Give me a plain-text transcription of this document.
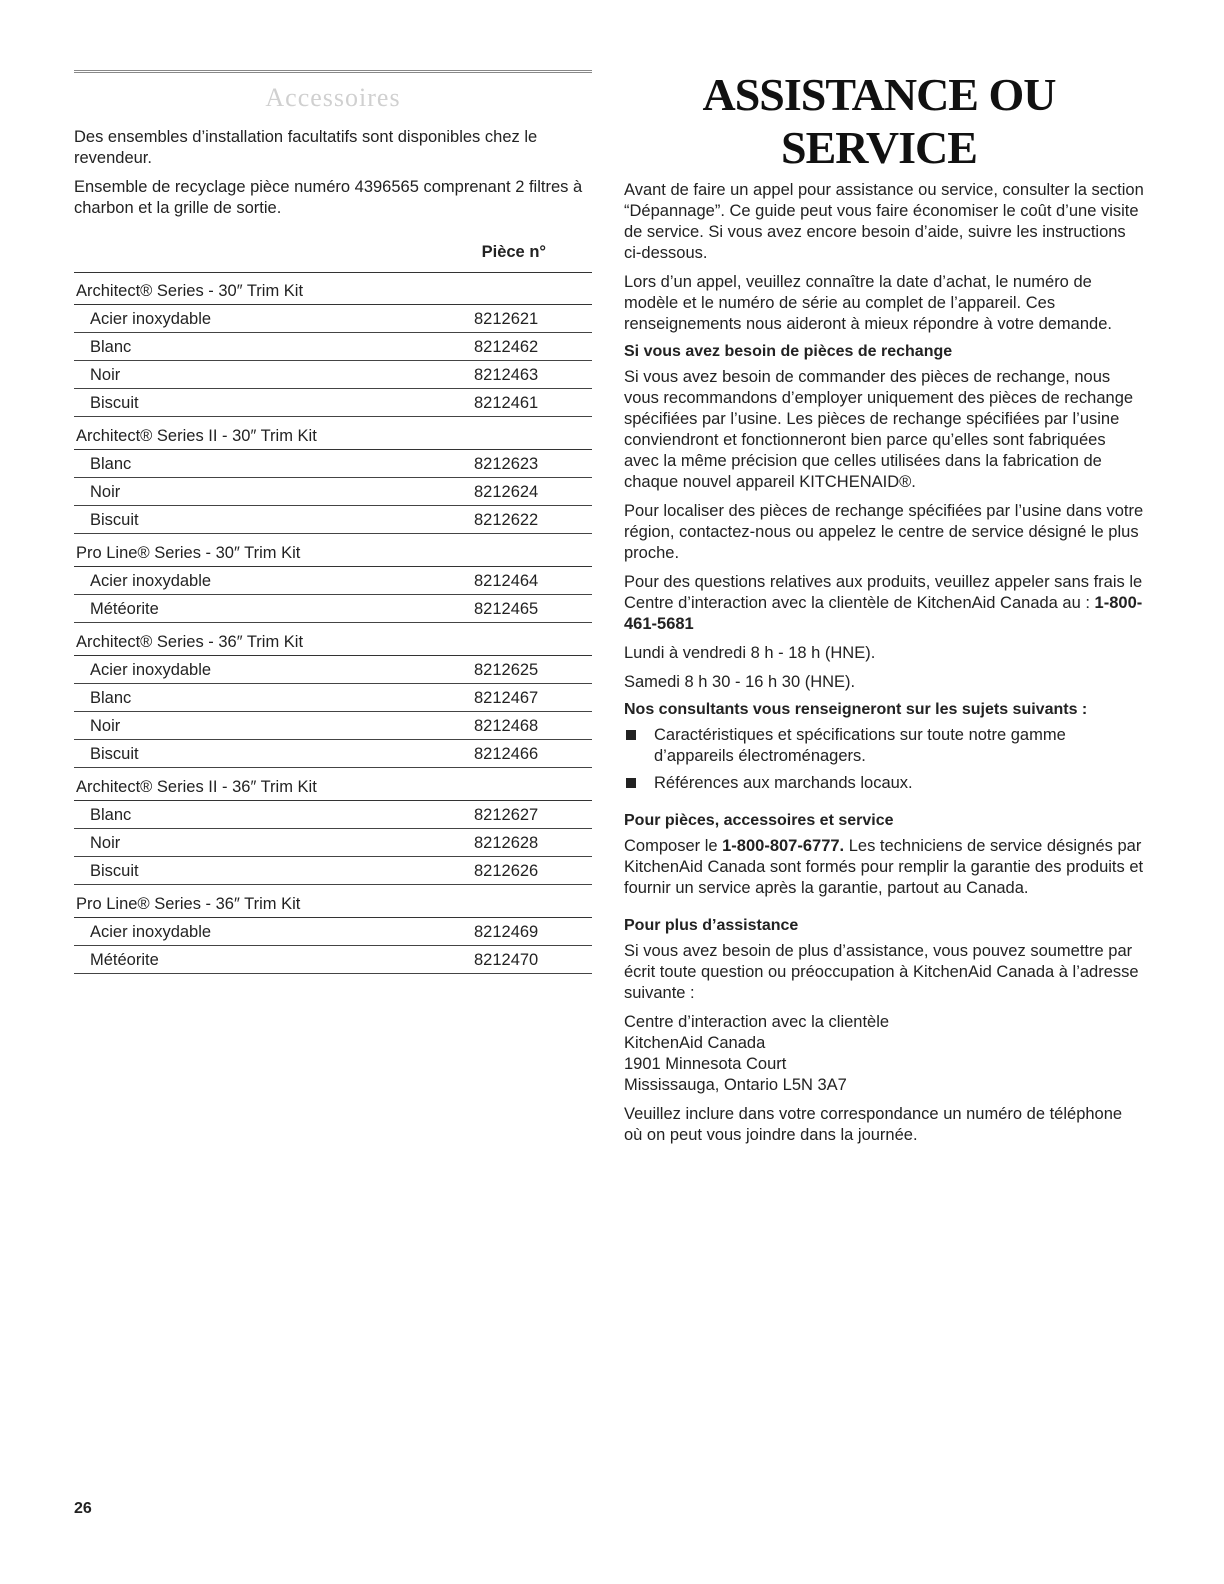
Accessoires

Des ensembles d’installation facultatifs sont disponibles chez le revendeur.

Ensemble de recyclage pièce numéro 4396565 comprenant 2 filtres à charbon et la grille de sortie.

Pièce n°
Architect® Series - 30″ Trim Kit
Acier inoxydable	8212621
Blanc	8212462
Noir	8212463
Biscuit	8212461
Architect® Series II - 30″ Trim Kit
Blanc	8212623
Noir	8212624
Biscuit	8212622
Pro Line® Series - 30″ Trim Kit
Acier inoxydable	8212464
Météorite	8212465
Architect® Series - 36″ Trim Kit
Acier inoxydable	8212625
Blanc	8212467
Noir	8212468
Biscuit	8212466
Architect® Series II - 36″ Trim Kit
Blanc	8212627
Noir	8212628
Biscuit	8212626
Pro Line® Series - 36″ Trim Kit
Acier inoxydable	8212469
Météorite	8212470
ASSISTANCE OU SERVICE

Avant de faire un appel pour assistance ou service, consulter la section “Dépannage”. Ce guide peut vous faire économiser le coût d’une visite de service. Si vous avez encore besoin d’aide, suivre les instructions ci-dessous.

Lors d’un appel, veuillez connaître la date d’achat, le numéro de modèle et le numéro de série au complet de l’appareil. Ces renseignements nous aideront à mieux répondre à votre demande.

Si vous avez besoin de pièces de rechange

Si vous avez besoin de commander des pièces de rechange, nous vous recommandons d’employer uniquement des pièces de rechange spécifiées par l’usine. Les pièces de rechange spécifiées par l’usine conviendront et fonctionneront bien parce qu’elles sont fabriquées avec la même précision que celles utilisées dans la fabrication de chaque nouvel appareil KITCHENAID®.

Pour localiser des pièces de rechange spécifiées par l’usine dans votre région, contactez-nous ou appelez le centre de service désigné le plus proche.

Pour des questions relatives aux produits, veuillez appeler sans frais le Centre d’interaction avec la clientèle de KitchenAid Canada au : 1-800-461-5681

Lundi à vendredi 8 h - 18 h (HNE).

Samedi 8 h 30 - 16 h 30 (HNE).

Nos consultants vous renseigneront sur les sujets suivants :
Caractéristiques et spécifications sur toute notre gamme d’appareils électroménagers.
Références aux marchands locaux.
Pour pièces, accessoires et service

Composer le 1-800-807-6777. Les techniciens de service désignés par KitchenAid Canada sont formés pour remplir la garantie des produits et fournir un service après la garantie, partout au Canada.

Pour plus d’assistance

Si vous avez besoin de plus d’assistance, vous pouvez soumettre par écrit toute question ou préoccupation à KitchenAid Canada à l’adresse suivante :

Centre d’interaction avec la clientèle

KitchenAid Canada

1901 Minnesota Court

Mississauga, Ontario L5N 3A7

Veuillez inclure dans votre correspondance un numéro de téléphone où on peut vous joindre dans la journée.

26
